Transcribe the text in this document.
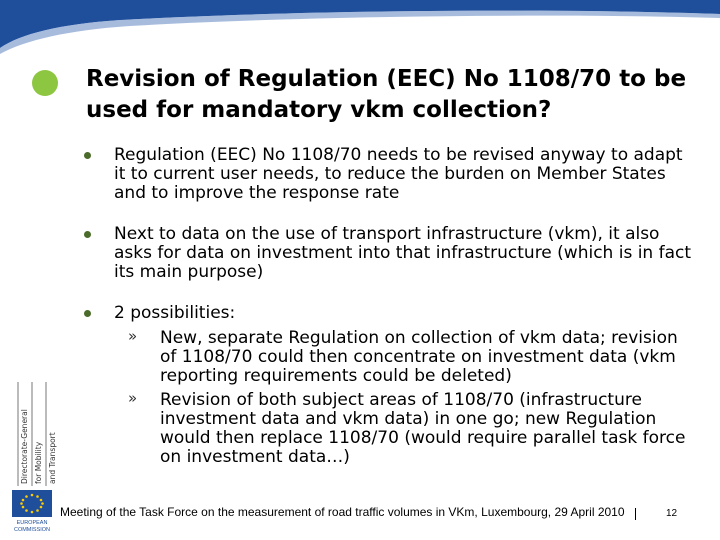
Revision of Regulation (EEC) No 1108/70 to be used for mandatory vkm collection?
Regulation (EEC) No 1108/70 needs to be revised anyway to adapt it to current user needs, to reduce the burden on Member States and to improve the response rate
Next to data on the use of transport infrastructure (vkm), it also asks for data on investment into that infrastructure (which is in fact its main purpose)
2 possibilities:
» New, separate Regulation on collection of vkm data; revision of 1108/70 could then concentrate on investment data (vkm reporting requirements could be deleted)
» Revision of both subject areas of 1108/70 (infrastructure investment data and vkm data) in one go; new Regulation would then replace 1108/70 (would require parallel task force on investment data…)
Directorate-General for Mobility and Transport
EUROPEAN
COMMISSION
Meeting of the Task Force on the measurement of road traffic volumes in VKm, Luxembourg, 29 April 2010	12
